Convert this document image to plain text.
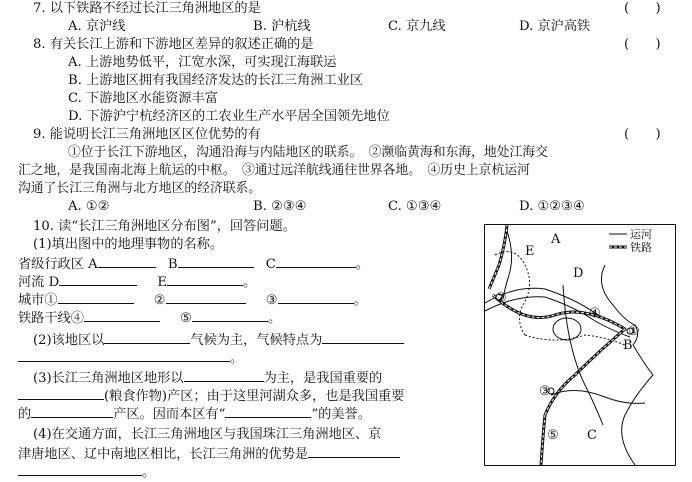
7. 以下铁路不经过长江三角洲地区的是	(　　)
A. 京沪线	B. 沪杭线	C. 京九线	D. 京沪高铁
8. 有关长江上游和下游地区差异的叙述正确的是	(　　)
A. 上游地势低平，江宽水深，可实现江海联运
B. 上游地区拥有我国经济发达的长江三角洲工业区
C. 下游地区水能资源丰富
D. 下游沪宁杭经济区的工农业生产水平居全国领先地位
9. 能说明长江三角洲地区区位优势的有	(　　)
①位于长江下游地区，沟通沿海与内陆地区的联系。　②濒临黄海和东海，地处江海交
汇之地，是我国南北海上航运的中枢。　③通过远洋航线通往世界各地。　④历史上京杭运河
沟通了长江三角洲与北方地区的经济联系。
A. ①②	B. ②③④	C. ①③④	D. ①②③④
10. 读“长江三角洲地区分布图”，回答问题。
(1)填出图中的地理事物的名称。
省级行政区 A	B	C	。
河流 D	E	。
城市①	②	③	。
铁路干线④	⑤	。
(2)该地区以	气候为主，气候特点为
。
(3)长江三角洲地区地形以	为主，是我国重要的
(粮食作物)产区；由于这里河湖众多，也是我国重要
的	产区。因而本区有“	”的美誉。
(4)在交通方面，长江三角洲地区与我国珠江三角洲地区、京
津唐地区、辽中南地区相比，长江三角洲的优势是
。
运河
铁路
A
B
C
D
E
①
②
③
④
⑤
